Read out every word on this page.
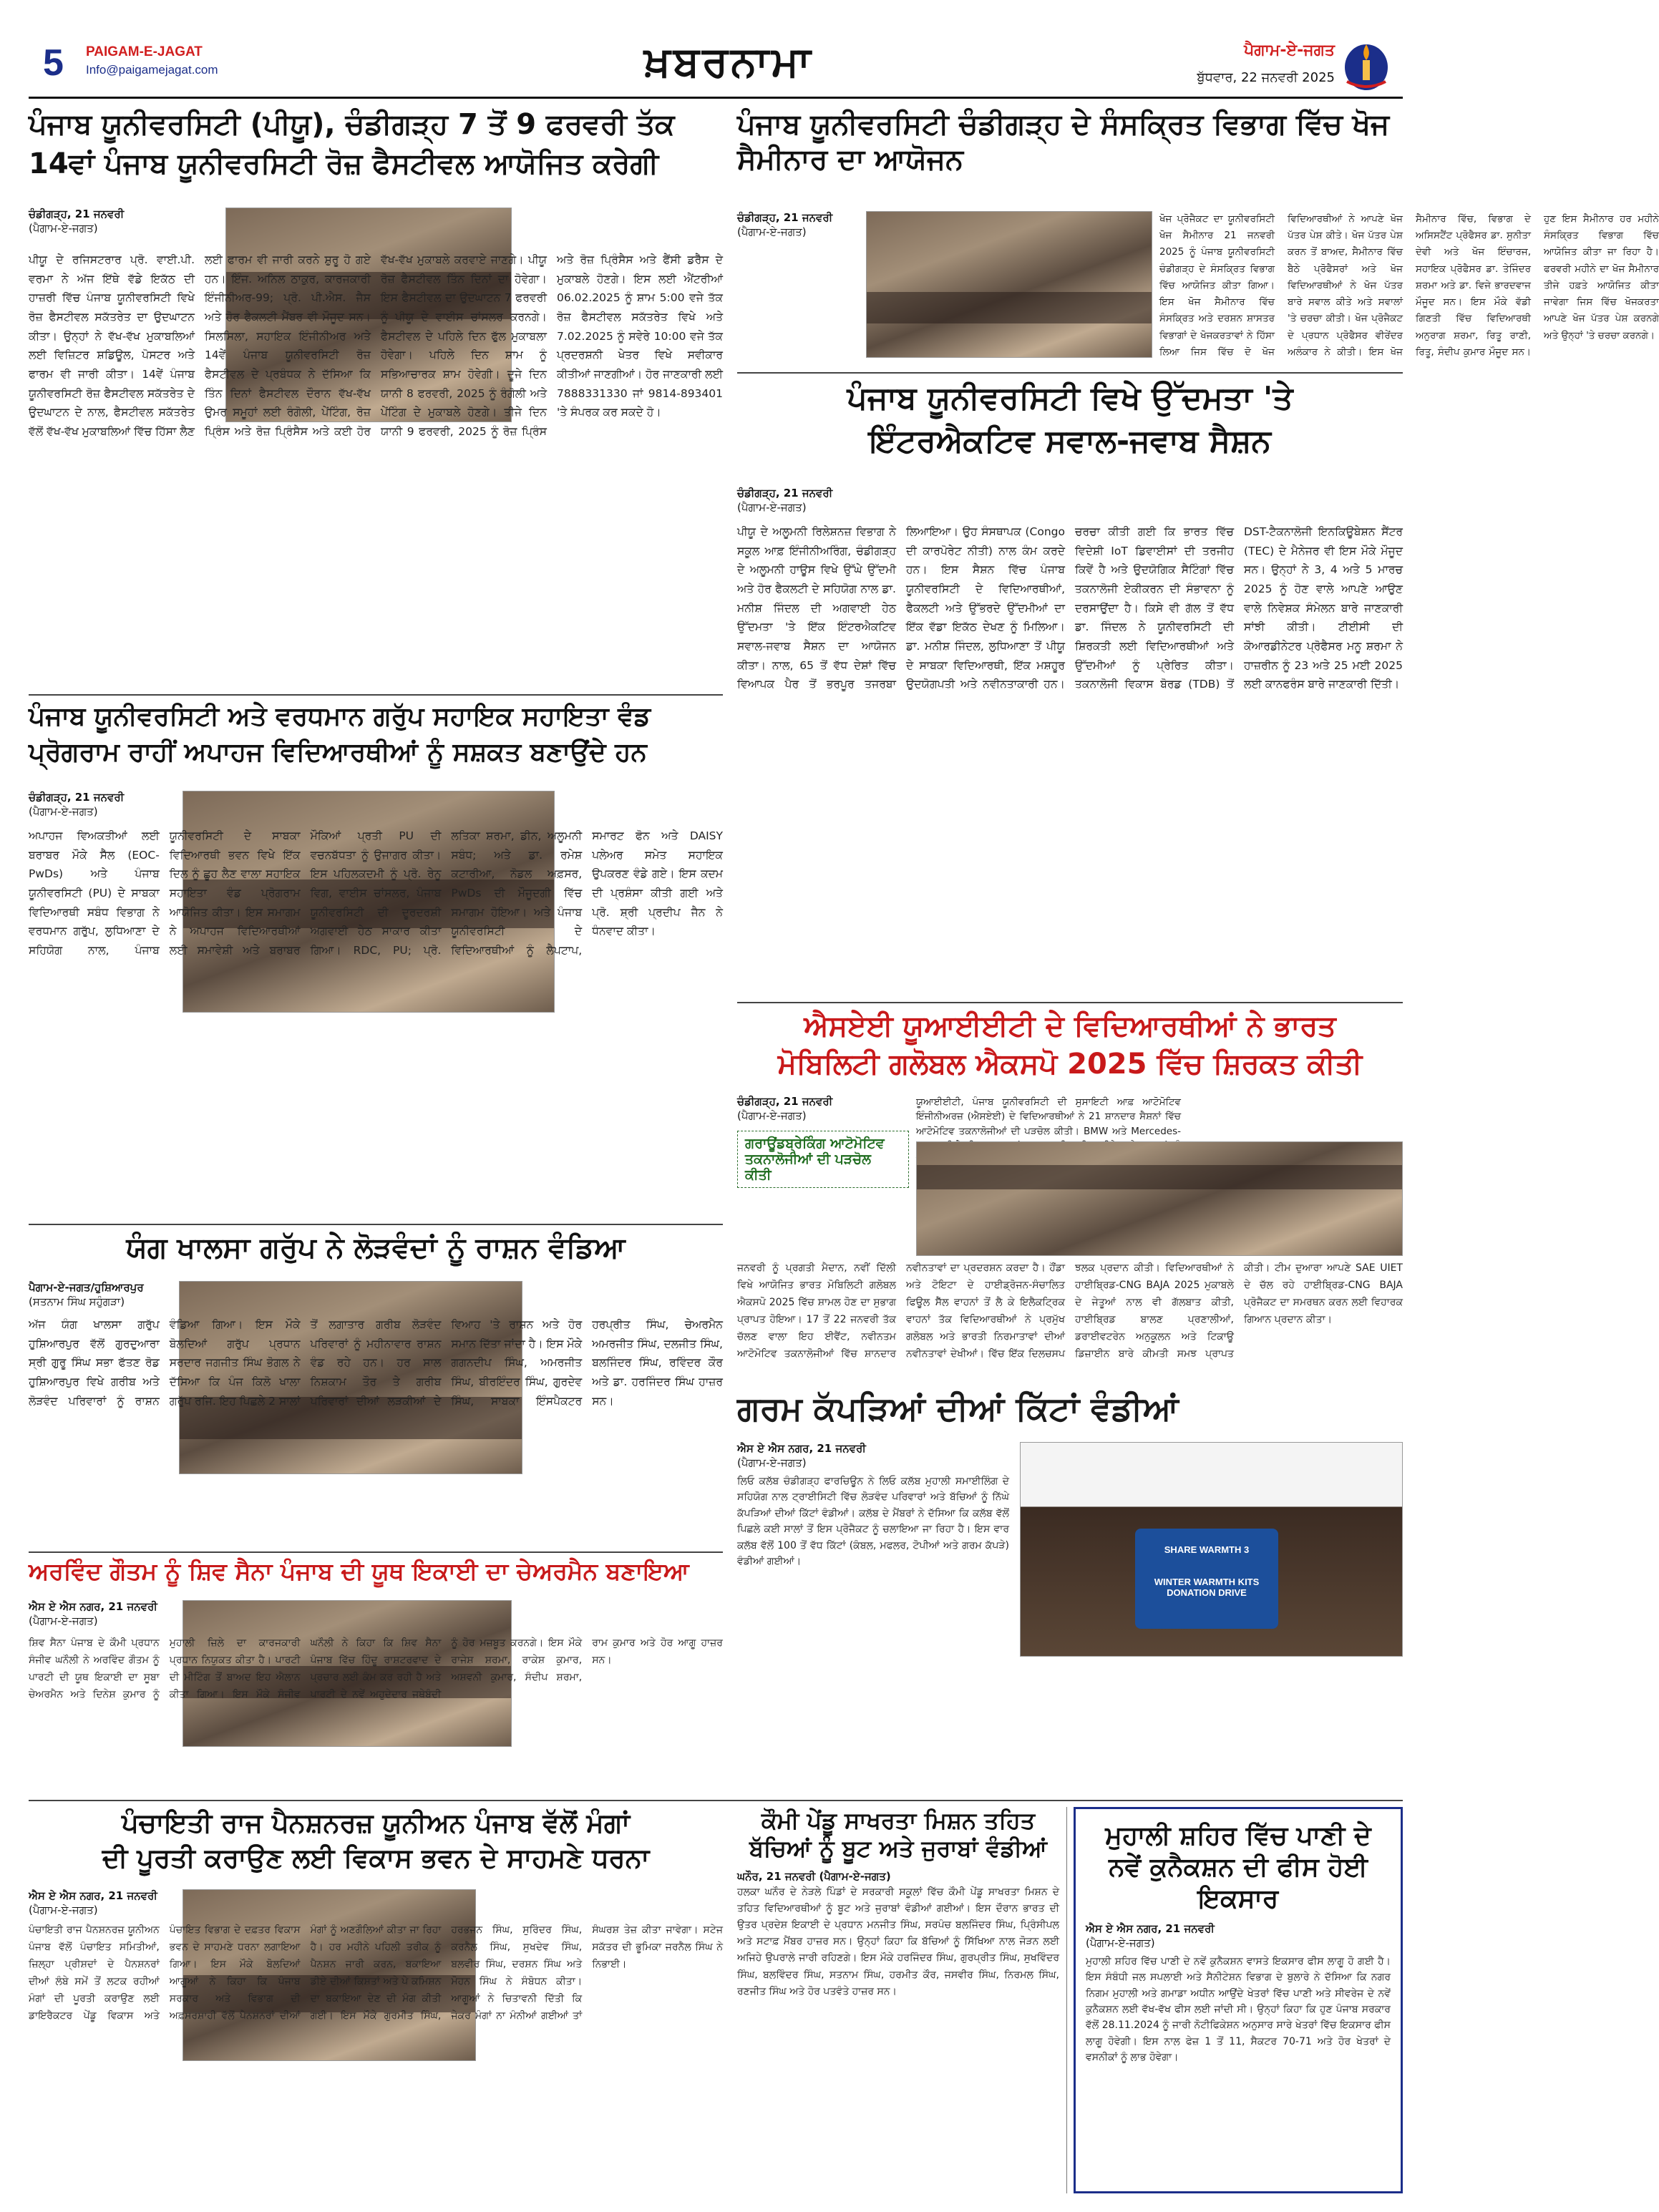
5 PAIGAM-E-JAGAT
Info@paigamejagat.com	ਖ਼ਬਰਨਾਮਾ	ਪੈਗਾਮ-ਏ-ਜਗਤ
ਬੁੱਧਵਾਰ, 22 ਜਨਵਰੀ 2025
ਪੰਜਾਬ ਯੂਨੀਵਰਸਿਟੀ (ਪੀਯੂ), ਚੰਡੀਗੜ੍ਹ 7 ਤੋਂ 9 ਫਰਵਰੀ ਤੱਕ
14ਵਾਂ ਪੰਜਾਬ ਯੂਨੀਵਰਸਿਟੀ ਰੋਜ਼ ਫੈਸਟੀਵਲ ਆਯੋਜਿਤ ਕਰੇਗੀ
ਚੰਡੀਗੜ੍ਹ, 21 ਜਨਵਰੀ
(ਪੈਗਾਮ-ਏ-ਜਗਤ)
ਪੀਯੂ ਦੇ ਰਜਿਸਟਰਾਰ ਪ੍ਰੋ. ਵਾਈ.ਪੀ. ਵਰਮਾ ਨੇ ਅੱਜ ਇੱਥੇ ਵੱਡੇ ਇਕੱਠ ਦੀ ਹਾਜ਼ਰੀ ਵਿੱਚ ਪੰਜਾਬ ਯੂਨੀਵਰਸਿਟੀ ਵਿਖੇ ਰੋਜ਼ ਫੈਸਟੀਵਲ ਸਕੱਤਰੇਤ ਦਾ ਉਦਘਾਟਨ ਕੀਤਾ। ਉਨ੍ਹਾਂ ਨੇ ਵੱਖ-ਵੱਖ ਮੁਕਾਬਲਿਆਂ ਲਈ ਵਿਜ਼ਿਟਰ ਸ਼ਡਿਊਲ, ਪੋਸਟਰ ਅਤੇ ਫਾਰਮ ਵੀ ਜਾਰੀ ਕੀਤਾ। 14ਵੇਂ ਪੰਜਾਬ ਯੂਨੀਵਰਸਿਟੀ ਰੋਜ਼ ਫੈਸਟੀਵਲ ਸਕੱਤਰੇਤ ਦੇ ਉਦਘਾਟਨ ਦੇ ਨਾਲ, ਫੈਸਟੀਵਲ ਸਕੱਤਰੇਤ ਵੱਲੋਂ ਵੱਖ-ਵੱਖ ਮੁਕਾਬਲਿਆਂ ਵਿੱਚ ਹਿੱਸਾ ਲੈਣ ਲਈ ਫਾਰਮ ਵੀ ਜਾਰੀ ਕਰਨੇ ਸ਼ੁਰੂ ਹੋ ਗਏ ਹਨ। ਇੰਜ. ਅਨਿਲ ਠਾਕੁਰ, ਕਾਰਜਕਾਰੀ ਇੰਜੀਨੀਅਰ-99; ਪ੍ਰੋ. ਪੀ.ਐਸ. ਜੈਸ ਅਤੇ ਹੋਰ ਫੈਕਲਟੀ ਮੈਂਬਰ ਵੀ ਮੌਜੂਦ ਸਨ। ਸਿਲਸਿਲਾ, ਸਹਾਇਕ ਇੰਜੀਨੀਅਰ ਅਤੇ 14ਵੇਂ ਪੰਜਾਬ ਯੂਨੀਵਰਸਿਟੀ ਰੋਜ਼ ਫੈਸਟੀਵਲ ਦੇ ਪ੍ਰਬੰਧਕ ਨੇ ਦੱਸਿਆ ਕਿ ਤਿੰਨ ਦਿਨਾਂ ਫੈਸਟੀਵਲ ਦੌਰਾਨ ਵੱਖ-ਵੱਖ ਉਮਰ ਸਮੂਹਾਂ ਲਈ ਰੰਗੋਲੀ, ਪੇਂਟਿੰਗ, ਰੋਜ਼ ਪ੍ਰਿੰਸ ਅਤੇ ਰੋਜ਼ ਪ੍ਰਿੰਸੈਸ ਅਤੇ ਕਈ ਹੋਰ ਵੱਖ-ਵੱਖ ਮੁਕਾਬਲੇ ਕਰਵਾਏ ਜਾਣਗੇ। ਪੀਯੂ ਰੋਜ਼ ਫੈਸਟੀਵਲ ਤਿੰਨ ਦਿਨਾਂ ਦਾ ਹੋਵੇਗਾ। ਇਸ ਫੈਸਟੀਵਲ ਦਾ ਉਦਘਾਟਨ 7 ਫਰਵਰੀ ਨੂੰ ਪੀਯੂ ਦੇ ਵਾਈਸ ਚਾਂਸਲਰ ਕਰਨਗੇ। ਫੈਸਟੀਵਲ ਦੇ ਪਹਿਲੇ ਦਿਨ ਫੁੱਲ ਮੁਕਾਬਲਾ ਹੋਵੇਗਾ। ਪਹਿਲੇ ਦਿਨ ਸ਼ਾਮ ਨੂੰ ਸਭਿਆਚਾਰਕ ਸ਼ਾਮ ਹੋਵੇਗੀ। ਦੂਜੇ ਦਿਨ ਯਾਨੀ 8 ਫਰਵਰੀ, 2025 ਨੂੰ ਰੰਗੋਲੀ ਅਤੇ ਪੇਂਟਿੰਗ ਦੇ ਮੁਕਾਬਲੇ ਹੋਣਗੇ। ਤੀਜੇ ਦਿਨ ਯਾਨੀ 9 ਫਰਵਰੀ, 2025 ਨੂੰ ਰੋਜ਼ ਪ੍ਰਿੰਸ ਅਤੇ ਰੋਜ਼ ਪ੍ਰਿੰਸੈਸ ਅਤੇ ਫੈਂਸੀ ਡਰੈੱਸ ਦੇ ਮੁਕਾਬਲੇ ਹੋਣਗੇ। ਇਸ ਲਈ ਐਂਟਰੀਆਂ 06.02.2025 ਨੂੰ ਸ਼ਾਮ 5:00 ਵਜੇ ਤੱਕ ਰੋਜ਼ ਫੈਸਟੀਵਲ ਸਕੱਤਰੇਤ ਵਿਖੇ ਅਤੇ 7.02.2025 ਨੂੰ ਸਵੇਰੇ 10:00 ਵਜੇ ਤੱਕ ਪ੍ਰਦਰਸ਼ਨੀ ਖੇਤਰ ਵਿਖੇ ਸਵੀਕਾਰ ਕੀਤੀਆਂ ਜਾਣਗੀਆਂ। ਹੋਰ ਜਾਣਕਾਰੀ ਲਈ 7888331330 ਜਾਂ 9814-893401 'ਤੇ ਸੰਪਰਕ ਕਰ ਸਕਦੇ ਹੋ।
ਪੰਜਾਬ ਯੂਨੀਵਰਸਿਟੀ ਚੰਡੀਗੜ੍ਹ ਦੇ ਸੰਸਕ੍ਰਿਤ ਵਿਭਾਗ ਵਿੱਚ ਖੋਜ ਸੈਮੀਨਾਰ ਦਾ ਆਯੋਜਨ
ਚੰਡੀਗੜ੍ਹ, 21 ਜਨਵਰੀ
(ਪੈਗਾਮ-ਏ-ਜਗਤ)
ਖੋਜ ਪ੍ਰੋਜੈਕਟ ਦਾ ਯੂਨੀਵਰਸਿਟੀ ਖੋਜ ਸੈਮੀਨਾਰ 21 ਜਨਵਰੀ 2025 ਨੂੰ ਪੰਜਾਬ ਯੂਨੀਵਰਸਿਟੀ ਚੰਡੀਗੜ੍ਹ ਦੇ ਸੰਸਕ੍ਰਿਤ ਵਿਭਾਗ ਵਿੱਚ ਆਯੋਜਿਤ ਕੀਤਾ ਗਿਆ। ਇਸ ਖੋਜ ਸੈਮੀਨਾਰ ਵਿੱਚ ਸੰਸਕ੍ਰਿਤ ਅਤੇ ਦਰਸ਼ਨ ਸ਼ਾਸਤਰ ਵਿਭਾਗਾਂ ਦੇ ਖੋਜਕਰਤਾਵਾਂ ਨੇ ਹਿੱਸਾ ਲਿਆ ਜਿਸ ਵਿੱਚ ਦੋ ਖੋਜ ਵਿਦਿਆਰਥੀਆਂ ਨੇ ਆਪਣੇ ਖੋਜ ਪੱਤਰ ਪੇਸ਼ ਕੀਤੇ। ਖੋਜ ਪੱਤਰ ਪੇਸ਼ ਕਰਨ ਤੋਂ ਬਾਅਦ, ਸੈਮੀਨਾਰ ਵਿੱਚ ਬੈਠੇ ਪ੍ਰੋਫੈਸਰਾਂ ਅਤੇ ਖੋਜ ਵਿਦਿਆਰਥੀਆਂ ਨੇ ਖੋਜ ਪੱਤਰ ਬਾਰੇ ਸਵਾਲ ਕੀਤੇ ਅਤੇ ਸਵਾਲਾਂ 'ਤੇ ਚਰਚਾ ਕੀਤੀ। ਖੋਜ ਪ੍ਰੋਜੈਕਟ ਦੇ ਪ੍ਰਧਾਨ ਪ੍ਰੋਫੈਸਰ ਵੀਰੇਂਦਰ ਅਲੰਕਾਰ ਨੇ ਕੀਤੀ। ਇਸ ਖੋਜ ਸੈਮੀਨਾਰ ਵਿੱਚ, ਵਿਭਾਗ ਦੇ ਅਸਿਸਟੈਂਟ ਪ੍ਰੋਫੈਸਰ ਡਾ. ਸੁਨੀਤਾ ਦੇਵੀ ਅਤੇ ਖੋਜ ਇੰਚਾਰਜ, ਸਹਾਇਕ ਪ੍ਰੋਫੈਸਰ ਡਾ. ਤੇਜਿੰਦਰ ਸ਼ਰਮਾ ਅਤੇ ਡਾ. ਵਿਜੇ ਭਾਰਦਵਾਜ ਮੌਜੂਦ ਸਨ। ਇਸ ਮੌਕੇ ਵੱਡੀ ਗਿਣਤੀ ਵਿੱਚ ਵਿਦਿਆਰਥੀ ਅਨੁਰਾਗ ਸ਼ਰਮਾ, ਰਿਤੂ ਰਾਣੀ, ਰਿਤੂ, ਸੰਦੀਪ ਕੁਮਾਰ ਮੌਜੂਦ ਸਨ। ਹੁਣ ਇਸ ਸੈਮੀਨਾਰ ਹਰ ਮਹੀਨੇ ਸੰਸਕ੍ਰਿਤ ਵਿਭਾਗ ਵਿੱਚ ਆਯੋਜਿਤ ਕੀਤਾ ਜਾ ਰਿਹਾ ਹੈ। ਫਰਵਰੀ ਮਹੀਨੇ ਦਾ ਖੋਜ ਸੈਮੀਨਾਰ ਤੀਜੇ ਹਫ਼ਤੇ ਆਯੋਜਿਤ ਕੀਤਾ ਜਾਵੇਗਾ ਜਿਸ ਵਿੱਚ ਖੋਜਕਰਤਾ ਆਪਣੇ ਖੋਜ ਪੱਤਰ ਪੇਸ਼ ਕਰਨਗੇ ਅਤੇ ਉਨ੍ਹਾਂ 'ਤੇ ਚਰਚਾ ਕਰਨਗੇ।
ਪੰਜਾਬ ਯੂਨੀਵਰਸਿਟੀ ਵਿਖੇ ਉੱਦਮਤਾ 'ਤੇ
ਇੰਟਰਐਕਟਿਵ ਸਵਾਲ-ਜਵਾਬ ਸੈਸ਼ਨ
ਚੰਡੀਗੜ੍ਹ, 21 ਜਨਵਰੀ
(ਪੈਗਾਮ-ਏ-ਜਗਤ)
ਪੀਯੂ ਦੇ ਅਲੂਮਨੀ ਰਿਲੇਸ਼ਨਜ਼ ਵਿਭਾਗ ਨੇ ਸਕੂਲ ਆਫ਼ ਇੰਜੀਨੀਅਰਿੰਗ, ਚੰਡੀਗੜ੍ਹ ਦੇ ਅਲੂਮਨੀ ਹਾਊਸ ਵਿਖੇ ਉੱਘੇ ਉੱਦਮੀ ਅਤੇ ਹੋਰ ਫੈਕਲਟੀ ਦੇ ਸਹਿਯੋਗ ਨਾਲ ਡਾ. ਮਨੀਸ਼ ਜਿੰਦਲ ਦੀ ਅਗਵਾਈ ਹੇਠ ਉੱਦਮਤਾ 'ਤੇ ਇੱਕ ਇੰਟਰਐਕਟਿਵ ਸਵਾਲ-ਜਵਾਬ ਸੈਸ਼ਨ ਦਾ ਆਯੋਜਨ ਕੀਤਾ। ਨਾਲ, 65 ਤੋਂ ਵੱਧ ਦੇਸ਼ਾਂ ਵਿੱਚ ਵਿਆਪਕ ਪੈਰ ਤੋਂ ਭਰਪੂਰ ਤਜਰਬਾ ਲਿਆਇਆ। ਉਹ ਸੰਸਥਾਪਕ (Congo ਦੀ ਕਾਰਪੋਰੇਟ ਨੀਤੀ) ਨਾਲ ਕੰਮ ਕਰਦੇ ਹਨ। ਇਸ ਸੈਸ਼ਨ ਵਿੱਚ ਪੰਜਾਬ ਯੂਨੀਵਰਸਿਟੀ ਦੇ ਵਿਦਿਆਰਥੀਆਂ, ਫੈਕਲਟੀ ਅਤੇ ਉੱਭਰਦੇ ਉੱਦਮੀਆਂ ਦਾ ਇੱਕ ਵੱਡਾ ਇਕੱਠ ਦੇਖਣ ਨੂੰ ਮਿਲਿਆ। ਡਾ. ਮਨੀਸ਼ ਜਿੰਦਲ, ਲੁਧਿਆਣਾ ਤੋਂ ਪੀਯੂ ਦੇ ਸਾਬਕਾ ਵਿਦਿਆਰਥੀ, ਇੱਕ ਮਸ਼ਹੂਰ ਉਦਯੋਗਪਤੀ ਅਤੇ ਨਵੀਨਤਾਕਾਰੀ ਹਨ। ਚਰਚਾ ਕੀਤੀ ਗਈ ਕਿ ਭਾਰਤ ਵਿੱਚ ਵਿਦੇਸ਼ੀ IoT ਡਿਵਾਈਸਾਂ ਦੀ ਤਰਜੀਹ ਕਿਵੇਂ ਹੈ ਅਤੇ ਉਦਯੋਗਿਕ ਸੈਟਿੰਗਾਂ ਵਿੱਚ ਤਕਨਾਲੋਜੀ ਏਕੀਕਰਨ ਦੀ ਸੰਭਾਵਨਾ ਨੂੰ ਦਰਸਾਉਂਦਾ ਹੈ। ਕਿਸੇ ਵੀ ਗੱਲ ਤੋਂ ਵੱਧ ਡਾ. ਜਿੰਦਲ ਨੇ ਯੂਨੀਵਰਸਿਟੀ ਦੀ ਸ਼ਿਰਕਤੀ ਲਈ ਵਿਦਿਆਰਥੀਆਂ ਅਤੇ ਉੱਦਮੀਆਂ ਨੂੰ ਪ੍ਰੇਰਿਤ ਕੀਤਾ। ਤਕਨਾਲੋਜੀ ਵਿਕਾਸ ਬੋਰਡ (TDB) ਤੋਂ DST-ਟੈਕਨਾਲੋਜੀ ਇਨਕਿਊਬੇਸ਼ਨ ਸੈਂਟਰ (TEC) ਦੇ ਮੈਨੇਜਰ ਵੀ ਇਸ ਮੌਕੇ ਮੌਜੂਦ ਸਨ। ਉਨ੍ਹਾਂ ਨੇ 3, 4 ਅਤੇ 5 ਮਾਰਚ 2025 ਨੂੰ ਹੋਣ ਵਾਲੇ ਆਪਣੇ ਆਉਣ ਵਾਲੇ ਨਿਵੇਸ਼ਕ ਸੰਮੇਲਨ ਬਾਰੇ ਜਾਣਕਾਰੀ ਸਾਂਝੀ ਕੀਤੀ। ਟੀਈਸੀ ਦੀ ਕੋਆਰਡੀਨੇਟਰ ਪ੍ਰੋਫੈਸਰ ਮਨੂ ਸ਼ਰਮਾ ਨੇ ਹਾਜ਼ਰੀਨ ਨੂੰ 23 ਅਤੇ 25 ਮਈ 2025 ਲਈ ਕਾਨਫਰੰਸ ਬਾਰੇ ਜਾਣਕਾਰੀ ਦਿੱਤੀ।
ਪੰਜਾਬ ਯੂਨੀਵਰਸਿਟੀ ਅਤੇ ਵਰਧਮਾਨ ਗਰੁੱਪ ਸਹਾਇਕ ਸਹਾਇਤਾ ਵੰਡ
ਪ੍ਰੋਗਰਾਮ ਰਾਹੀਂ ਅਪਾਹਜ ਵਿਦਿਆਰਥੀਆਂ ਨੂੰ ਸਸ਼ਕਤ ਬਣਾਉਂਦੇ ਹਨ
ਚੰਡੀਗੜ੍ਹ, 21 ਜਨਵਰੀ
(ਪੈਗਾਮ-ਏ-ਜਗਤ)
ਅਪਾਹਜ ਵਿਅਕਤੀਆਂ ਲਈ ਬਰਾਬਰ ਮੌਕੇ ਸੈੱਲ (EOC-PwDs) ਅਤੇ ਪੰਜਾਬ ਯੂਨੀਵਰਸਿਟੀ (PU) ਦੇ ਸਾਬਕਾ ਵਿਦਿਆਰਥੀ ਸਬੰਧ ਵਿਭਾਗ ਨੇ ਵਰਧਮਾਨ ਗਰੁੱਪ, ਲੁਧਿਆਣਾ ਦੇ ਸਹਿਯੋਗ ਨਾਲ, ਪੰਜਾਬ ਯੂਨੀਵਰਸਿਟੀ ਦੇ ਸਾਬਕਾ ਵਿਦਿਆਰਥੀ ਭਵਨ ਵਿਖੇ ਇੱਕ ਦਿਲ ਨੂੰ ਛੂਹ ਲੈਣ ਵਾਲਾ ਸਹਾਇਕ ਸਹਾਇਤਾ ਵੰਡ ਪ੍ਰੋਗਰਾਮ ਆਯੋਜਿਤ ਕੀਤਾ। ਇਸ ਸਮਾਗਮ ਨੇ ਅਪਾਹਜ ਵਿਦਿਆਰਥੀਆਂ ਲਈ ਸਮਾਵੇਸ਼ੀ ਅਤੇ ਬਰਾਬਰ ਮੌਕਿਆਂ ਪ੍ਰਤੀ PU ਦੀ ਵਚਨਬੱਧਤਾ ਨੂੰ ਉਜਾਗਰ ਕੀਤਾ। ਇਸ ਪਹਿਲਕਦਮੀ ਨੂੰ ਪ੍ਰੋ. ਰੇਨੂ ਵਿਗ, ਵਾਈਸ ਚਾਂਸਲਰ, ਪੰਜਾਬ ਯੂਨੀਵਰਸਿਟੀ ਦੀ ਦੂਰਦਰਸ਼ੀ ਅਗਵਾਈ ਹੇਠ ਸਾਕਾਰ ਕੀਤਾ ਗਿਆ। RDC, PU; ਪ੍ਰੋ. ਲਤਿਕਾ ਸ਼ਰਮਾ, ਡੀਨ, ਅਲੂਮਨੀ ਸਬੰਧ; ਅਤੇ ਡਾ. ਰਮੇਸ਼ ਕਟਾਰੀਆ, ਨੋਡਲ ਅਫ਼ਸਰ, PwDs ਦੀ ਮੌਜੂਦਗੀ ਵਿੱਚ ਸਮਾਗਮ ਹੋਇਆ। ਅਤੇ ਪੰਜਾਬ ਯੂਨੀਵਰਸਿਟੀ ਦੇ ਵਿਦਿਆਰਥੀਆਂ ਨੂੰ ਲੈਪਟਾਪ, ਸਮਾਰਟ ਫੋਨ ਅਤੇ DAISY ਪਲੇਅਰ ਸਮੇਤ ਸਹਾਇਕ ਉਪਕਰਣ ਵੰਡੇ ਗਏ। ਇਸ ਕਦਮ ਦੀ ਪ੍ਰਸ਼ੰਸਾ ਕੀਤੀ ਗਈ ਅਤੇ ਪ੍ਰੋ. ਸ਼੍ਰੀ ਪ੍ਰਦੀਪ ਜੈਨ ਨੇ ਧੰਨਵਾਦ ਕੀਤਾ।
ਐਸਏਈ ਯੂਆਈਈਟੀ ਦੇ ਵਿਦਿਆਰਥੀਆਂ ਨੇ ਭਾਰਤ
ਮੋਬਿਲਿਟੀ ਗਲੋਬਲ ਐਕਸਪੋ 2025 ਵਿੱਚ ਸ਼ਿਰਕਤ ਕੀਤੀ
ਚੰਡੀਗੜ੍ਹ, 21 ਜਨਵਰੀ
(ਪੈਗਾਮ-ਏ-ਜਗਤ)
ਗਰਾਊਂਡਬ੍ਰੇਕਿੰਗ ਆਟੋਮੋਟਿਵ ਤਕਨਾਲੋਜੀਆਂ ਦੀ ਪੜਚੋਲ ਕੀਤੀ
ਯੂਆਈਈਟੀ, ਪੰਜਾਬ ਯੂਨੀਵਰਸਿਟੀ ਦੀ ਸੁਸਾਇਟੀ ਆਫ਼ ਆਟੋਮੋਟਿਵ ਇੰਜੀਨੀਅਰਜ਼ (ਐਸਏਈ) ਦੇ ਵਿਦਿਆਰਥੀਆਂ ਨੇ 21 ਸ਼ਾਨਦਾਰ ਸੈਸ਼ਨਾਂ ਵਿੱਚ ਆਟੋਮੋਟਿਵ ਤਕਨਾਲੋਜੀਆਂ ਦੀ ਪੜਚੋਲ ਕੀਤੀ। BMW ਅਤੇ Mercedes-
ਜਨਵਰੀ ਨੂੰ ਪ੍ਰਗਤੀ ਮੈਦਾਨ, ਨਵੀਂ ਦਿੱਲੀ ਵਿਖੇ ਆਯੋਜਿਤ ਭਾਰਤ ਮੋਬਿਲਿਟੀ ਗਲੋਬਲ ਐਕਸਪੋ 2025 ਵਿੱਚ ਸ਼ਾਮਲ ਹੋਣ ਦਾ ਸੁਭਾਗ ਪ੍ਰਾਪਤ ਹੋਇਆ। 17 ਤੋਂ 22 ਜਨਵਰੀ ਤੱਕ ਚੱਲਣ ਵਾਲਾ ਇਹ ਈਵੈਂਟ, ਨਵੀਨਤਮ ਆਟੋਮੋਟਿਵ ਤਕਨਾਲੋਜੀਆਂ ਵਿੱਚ ਸ਼ਾਨਦਾਰ ਨਵੀਨਤਾਵਾਂ ਦਾ ਪ੍ਰਦਰਸ਼ਨ ਕਰਦਾ ਹੈ। ਹੌਂਡਾ ਅਤੇ ਟੋਇਟਾ ਦੇ ਹਾਈਡ੍ਰੋਜਨ-ਸੰਚਾਲਿਤ ਫਿਊਲ ਸੈੱਲ ਵਾਹਨਾਂ ਤੋਂ ਲੈ ਕੇ ਇਲੈਕਟ੍ਰਿਕ ਵਾਹਨਾਂ ਤੱਕ ਵਿਦਿਆਰਥੀਆਂ ਨੇ ਪ੍ਰਮੁੱਖ ਗਲੋਬਲ ਅਤੇ ਭਾਰਤੀ ਨਿਰਮਾਤਾਵਾਂ ਦੀਆਂ ਨਵੀਨਤਾਵਾਂ ਦੇਖੀਆਂ। ਵਿੱਚ ਇੱਕ ਦਿਲਚਸਪ ਝਲਕ ਪ੍ਰਦਾਨ ਕੀਤੀ। ਵਿਦਿਆਰਥੀਆਂ ਨੇ ਹਾਈਬ੍ਰਿਡ-CNG BAJA 2025 ਮੁਕਾਬਲੇ ਦੇ ਜੇਤੂਆਂ ਨਾਲ ਵੀ ਗੱਲਬਾਤ ਕੀਤੀ, ਹਾਈਬ੍ਰਿਡ ਬਾਲਣ ਪ੍ਰਣਾਲੀਆਂ, ਡਰਾਈਵਟਰੇਨ ਅਨੁਕੂਲਨ ਅਤੇ ਟਿਕਾਊ ਡਿਜ਼ਾਈਨ ਬਾਰੇ ਕੀਮਤੀ ਸਮਝ ਪ੍ਰਾਪਤ ਕੀਤੀ। ਟੀਮ ਦੁਆਰਾ ਆਪਣੇ SAE UIET ਦੇ ਚੱਲ ਰਹੇ ਹਾਈਬ੍ਰਿਡ-CNG BAJA ਪ੍ਰੋਜੈਕਟ ਦਾ ਸਮਰਥਨ ਕਰਨ ਲਈ ਵਿਹਾਰਕ ਗਿਆਨ ਪ੍ਰਦਾਨ ਕੀਤਾ।
ਯੰਗ ਖਾਲਸਾ ਗਰੁੱਪ ਨੇ ਲੋੜਵੰਦਾਂ ਨੂੰ ਰਾਸ਼ਨ ਵੰਡਿਆ
ਪੈਗਾਮ-ਏ-ਜਗਤ/ਹੁਸ਼ਿਆਰਪੁਰ
(ਸਤਨਾਮ ਸਿੰਘ ਸਹੁੰਗੜਾ)
ਅੱਜ ਯੰਗ ਖਾਲਸਾ ਗਰੁੱਪ ਹੁਸ਼ਿਆਰਪੁਰ ਵੱਲੋਂ ਗੁਰਦੁਆਰਾ ਸ੍ਰੀ ਗੁਰੂ ਸਿੰਘ ਸਭਾ ਫੱਤਣ ਰੋਡ ਹੁਸ਼ਿਆਰਪੁਰ ਵਿਖੇ ਗਰੀਬ ਅਤੇ ਲੋੜਵੰਦ ਪਰਿਵਾਰਾਂ ਨੂੰ ਰਾਸ਼ਨ ਵੰਡਿਆ ਗਿਆ। ਇਸ ਮੌਕੇ ਬੋਲਦਿਆਂ ਗਰੁੱਪ ਪ੍ਰਧਾਨ ਸਰਦਾਰ ਜਗਜੀਤ ਸਿੰਘ ਭੋਗਲ ਨੇ ਦੱਸਿਆ ਕਿ ਪੰਜ ਕਿਲੋ ਖਾਲਾ ਗਰੁੱਪ ਰਜਿ. ਇਹ ਪਿਛਲੇ 2 ਸਾਲਾਂ ਤੋਂ ਲਗਾਤਾਰ ਗਰੀਬ ਲੋੜਵੰਦ ਪਰਿਵਾਰਾਂ ਨੂੰ ਮਹੀਨਾਵਾਰ ਰਾਸ਼ਨ ਵੰਡ ਰਹੇ ਹਨ। ਹਰ ਸਾਲ ਨਿਸ਼ਕਾਮ ਤੌਰ ਤੇ ਗਰੀਬ ਪਰਿਵਾਰਾਂ ਦੀਆਂ ਲੜਕੀਆਂ ਦੇ ਵਿਆਹ 'ਤੇ ਰਾਸ਼ਨ ਅਤੇ ਹੋਰ ਸਮਾਨ ਦਿੱਤਾ ਜਾਂਦਾ ਹੈ। ਇਸ ਮੌਕੇ ਗਗਨਦੀਪ ਸਿੰਘ, ਅਮਰਜੀਤ ਸਿੰਘ, ਬੀਰਇੰਦਰ ਸਿੰਘ, ਗੁਰਦੇਵ ਸਿੰਘ, ਸਾਬਕਾ ਇੰਸਪੈਕਟਰ ਹਰਪ੍ਰੀਤ ਸਿੰਘ, ਚੇਅਰਮੈਨ ਅਮਰਜੀਤ ਸਿੰਘ, ਦਲਜੀਤ ਸਿੰਘ, ਬਲਜਿੰਦਰ ਸਿੰਘ, ਰਵਿੰਦਰ ਕੌਰ ਅਤੇ ਡਾ. ਹਰਜਿੰਦਰ ਸਿੰਘ ਹਾਜ਼ਰ ਸਨ।
ਅਰਵਿੰਦ ਗੌਤਮ ਨੂੰ ਸ਼ਿਵ ਸੈਨਾ ਪੰਜਾਬ ਦੀ ਯੂਥ ਇਕਾਈ ਦਾ ਚੇਅਰਮੈਨ ਬਣਾਇਆ
ਐਸ ਏ ਐਸ ਨਗਰ, 21 ਜਨਵਰੀ
(ਪੈਗਾਮ-ਏ-ਜਗਤ)
ਸ਼ਿਵ ਸੈਨਾ ਪੰਜਾਬ ਦੇ ਕੌਮੀ ਪ੍ਰਧਾਨ ਸੰਜੀਵ ਘਨੌਲੀ ਨੇ ਅਰਵਿੰਦ ਗੌਤਮ ਨੂੰ ਪਾਰਟੀ ਦੀ ਯੂਥ ਇਕਾਈ ਦਾ ਸੂਬਾ ਚੇਅਰਮੈਨ ਅਤੇ ਦਿਨੇਸ਼ ਕੁਮਾਰ ਨੂੰ ਮੁਹਾਲੀ ਜ਼ਿਲੇ ਦਾ ਕਾਰਜਕਾਰੀ ਪ੍ਰਧਾਨ ਨਿਯੁਕਤ ਕੀਤਾ ਹੈ। ਪਾਰਟੀ ਦੀ ਮੀਟਿੰਗ ਤੋਂ ਬਾਅਦ ਇਹ ਐਲਾਨ ਕੀਤਾ ਗਿਆ। ਇਸ ਮੌਕੇ ਸੰਜੀਵ ਘਨੌਲੀ ਨੇ ਕਿਹਾ ਕਿ ਸ਼ਿਵ ਸੈਨਾ ਪੰਜਾਬ ਵਿੱਚ ਹਿੰਦੂ ਰਾਸ਼ਟਰਵਾਦ ਦੇ ਪ੍ਰਚਾਰ ਲਈ ਕੰਮ ਕਰ ਰਹੀ ਹੈ ਅਤੇ ਪਾਰਟੀ ਦੇ ਨਵੇਂ ਅਹੁਦੇਦਾਰ ਜਥੇਬੰਦੀ ਨੂੰ ਹੋਰ ਮਜ਼ਬੂਤ ਕਰਨਗੇ। ਇਸ ਮੌਕੇ ਰਾਜੇਸ਼ ਸ਼ਰਮਾ, ਰਾਕੇਸ਼ ਕੁਮਾਰ, ਅਸ਼ਵਨੀ ਕੁਮਾਰ, ਸੰਦੀਪ ਸ਼ਰਮਾ, ਰਾਮ ਕੁਮਾਰ ਅਤੇ ਹੋਰ ਆਗੂ ਹਾਜ਼ਰ ਸਨ।
ਗਰਮ ਕੱਪੜਿਆਂ ਦੀਆਂ ਕਿੱਟਾਂ ਵੰਡੀਆਂ
ਐਸ ਏ ਐਸ ਨਗਰ, 21 ਜਨਵਰੀ
(ਪੈਗਾਮ-ਏ-ਜਗਤ)
ਲਿਓ ਕਲੱਬ ਚੰਡੀਗੜ੍ਹ ਫਾਰਚਿਊਨ ਨੇ ਲਿਓ ਕਲੱਬ ਮੁਹਾਲੀ ਸਮਾਈਲਿੰਗ ਦੇ ਸਹਿਯੋਗ ਨਾਲ ਟ੍ਰਾਈਸਿਟੀ ਵਿੱਚ ਲੋੜਵੰਦ ਪਰਿਵਾਰਾਂ ਅਤੇ ਬੱਚਿਆਂ ਨੂੰ ਨਿੱਘੇ ਕੱਪੜਿਆਂ ਦੀਆਂ ਕਿੱਟਾਂ ਵੰਡੀਆਂ। ਕਲੱਬ ਦੇ ਮੈਂਬਰਾਂ ਨੇ ਦੱਸਿਆ ਕਿ ਕਲੱਬ ਵੱਲੋਂ ਪਿਛਲੇ ਕਈ ਸਾਲਾਂ ਤੋਂ ਇਸ ਪ੍ਰੋਜੈਕਟ ਨੂੰ ਚਲਾਇਆ ਜਾ ਰਿਹਾ ਹੈ। ਇਸ ਵਾਰ ਕਲੱਬ ਵੱਲੋਂ 100 ਤੋਂ ਵੱਧ ਕਿੱਟਾਂ (ਕੰਬਲ, ਮਫਲਰ, ਟੋਪੀਆਂ ਅਤੇ ਗਰਮ ਕੱਪੜੇ) ਵੰਡੀਆਂ ਗਈਆਂ।
SHARE WARMTH 3
WINTER WARMTH KITS DONATION DRIVE
ਪੰਚਾਇਤੀ ਰਾਜ ਪੈਨਸ਼ਨਰਜ਼ ਯੂਨੀਅਨ ਪੰਜਾਬ ਵੱਲੋਂ ਮੰਗਾਂ
ਦੀ ਪੂਰਤੀ ਕਰਾਉਣ ਲਈ ਵਿਕਾਸ ਭਵਨ ਦੇ ਸਾਹਮਣੇ ਧਰਨਾ
ਐਸ ਏ ਐਸ ਨਗਰ, 21 ਜਨਵਰੀ
(ਪੈਗਾਮ-ਏ-ਜਗਤ)
ਪੰਚਾਇਤੀ ਰਾਜ ਪੈਨਸ਼ਨਰਜ਼ ਯੂਨੀਅਨ ਪੰਜਾਬ ਵੱਲੋਂ ਪੰਚਾਇਤ ਸਮਿਤੀਆਂ, ਜ਼ਿਲ੍ਹਾ ਪ੍ਰੀਸ਼ਦਾਂ ਦੇ ਪੈਨਸ਼ਨਰਾਂ ਦੀਆਂ ਲੰਬੇ ਸਮੇਂ ਤੋਂ ਲਟਕ ਰਹੀਆਂ ਮੰਗਾਂ ਦੀ ਪੂਰਤੀ ਕਰਾਉਣ ਲਈ ਡਾਇਰੈਕਟਰ ਪੇਂਡੂ ਵਿਕਾਸ ਅਤੇ ਪੰਚਾਇਤ ਵਿਭਾਗ ਦੇ ਦਫ਼ਤਰ ਵਿਕਾਸ ਭਵਨ ਦੇ ਸਾਹਮਣੇ ਧਰਨਾ ਲਗਾਇਆ ਗਿਆ। ਇਸ ਮੌਕੇ ਬੋਲਦਿਆਂ ਆਗੂਆਂ ਨੇ ਕਿਹਾ ਕਿ ਪੰਜਾਬ ਸਰਕਾਰ ਅਤੇ ਵਿਭਾਗ ਦੀ ਅਫ਼ਸਰਸ਼ਾਹੀ ਵੱਲੋਂ ਪੈਨਸ਼ਨਰਾਂ ਦੀਆਂ ਮੰਗਾਂ ਨੂੰ ਅਣਗੌਲਿਆਂ ਕੀਤਾ ਜਾ ਰਿਹਾ ਹੈ। ਹਰ ਮਹੀਨੇ ਪਹਿਲੀ ਤਰੀਕ ਨੂੰ ਪੈਨਸ਼ਨ ਜਾਰੀ ਕਰਨ, ਬਕਾਇਆ ਡੀਏ ਦੀਆਂ ਕਿਸ਼ਤਾਂ ਅਤੇ ਪੇ ਕਮਿਸ਼ਨ ਦਾ ਬਕਾਇਆ ਦੇਣ ਦੀ ਮੰਗ ਕੀਤੀ ਗਈ। ਇਸ ਮੌਕੇ ਗੁਰਮੀਤ ਸਿੰਘ, ਹਰਭਜਨ ਸਿੰਘ, ਸੁਰਿੰਦਰ ਸਿੰਘ, ਕਰਨੈਲ ਸਿੰਘ, ਸੁਖਦੇਵ ਸਿੰਘ, ਬਲਵੀਰ ਸਿੰਘ, ਦਰਸ਼ਨ ਸਿੰਘ ਅਤੇ ਮੋਹਨ ਸਿੰਘ ਨੇ ਸੰਬੋਧਨ ਕੀਤਾ। ਆਗੂਆਂ ਨੇ ਚਿਤਾਵਨੀ ਦਿੱਤੀ ਕਿ ਜੇਕਰ ਮੰਗਾਂ ਨਾ ਮੰਨੀਆਂ ਗਈਆਂ ਤਾਂ ਸੰਘਰਸ਼ ਤੇਜ਼ ਕੀਤਾ ਜਾਵੇਗਾ। ਸਟੇਜ ਸਕੱਤਰ ਦੀ ਭੂਮਿਕਾ ਜਰਨੈਲ ਸਿੰਘ ਨੇ ਨਿਭਾਈ।
ਕੌਮੀ ਪੇਂਡੂ ਸਾਖਰਤਾ ਮਿਸ਼ਨ ਤਹਿਤ ਬੱਚਿਆਂ ਨੂੰ ਬੂਟ ਅਤੇ ਜੁਰਾਬਾਂ ਵੰਡੀਆਂ
ਘਨੌਰ, 21 ਜਨਵਰੀ (ਪੈਗਾਮ-ਏ-ਜਗਤ)
ਹਲਕਾ ਘਨੌਰ ਦੇ ਨੇੜਲੇ ਪਿੰਡਾਂ ਦੇ ਸਰਕਾਰੀ ਸਕੂਲਾਂ ਵਿੱਚ ਕੌਮੀ ਪੇਂਡੂ ਸਾਖਰਤਾ ਮਿਸ਼ਨ ਦੇ ਤਹਿਤ ਵਿਦਿਆਰਥੀਆਂ ਨੂੰ ਬੂਟ ਅਤੇ ਜੁਰਾਬਾਂ ਵੰਡੀਆਂ ਗਈਆਂ। ਇਸ ਦੌਰਾਨ ਭਾਰਤ ਦੀ ਉਤਰ ਪ੍ਰਦੇਸ਼ ਇਕਾਈ ਦੇ ਪ੍ਰਧਾਨ ਮਨਜੀਤ ਸਿੰਘ, ਸਰਪੰਚ ਬਲਜਿੰਦਰ ਸਿੰਘ, ਪ੍ਰਿੰਸੀਪਲ ਅਤੇ ਸਟਾਫ਼ ਮੈਂਬਰ ਹਾਜ਼ਰ ਸਨ। ਉਨ੍ਹਾਂ ਕਿਹਾ ਕਿ ਬੱਚਿਆਂ ਨੂੰ ਸਿੱਖਿਆ ਨਾਲ ਜੋੜਨ ਲਈ ਅਜਿਹੇ ਉਪਰਾਲੇ ਜਾਰੀ ਰਹਿਣਗੇ। ਇਸ ਮੌਕੇ ਹਰਜਿੰਦਰ ਸਿੰਘ, ਗੁਰਪ੍ਰੀਤ ਸਿੰਘ, ਸੁਖਵਿੰਦਰ ਸਿੰਘ, ਬਲਵਿੰਦਰ ਸਿੰਘ, ਸਤਨਾਮ ਸਿੰਘ, ਹਰਮੀਤ ਕੌਰ, ਜਸਵੀਰ ਸਿੰਘ, ਨਿਰਮਲ ਸਿੰਘ, ਰਣਜੀਤ ਸਿੰਘ ਅਤੇ ਹੋਰ ਪਤਵੰਤੇ ਹਾਜ਼ਰ ਸਨ।
ਮੁਹਾਲੀ ਸ਼ਹਿਰ ਵਿੱਚ ਪਾਣੀ ਦੇ ਨਵੇਂ ਕੁਨੈਕਸ਼ਨ ਦੀ ਫੀਸ ਹੋਈ ਇਕਸਾਰ
ਐਸ ਏ ਐਸ ਨਗਰ, 21 ਜਨਵਰੀ
(ਪੈਗਾਮ-ਏ-ਜਗਤ)
ਮੁਹਾਲੀ ਸ਼ਹਿਰ ਵਿੱਚ ਪਾਣੀ ਦੇ ਨਵੇਂ ਕੁਨੈਕਸ਼ਨ ਵਾਸਤੇ ਇਕਸਾਰ ਫੀਸ ਲਾਗੂ ਹੋ ਗਈ ਹੈ। ਇਸ ਸੰਬੰਧੀ ਜਲ ਸਪਲਾਈ ਅਤੇ ਸੈਨੀਟੇਸ਼ਨ ਵਿਭਾਗ ਦੇ ਬੁਲਾਰੇ ਨੇ ਦੱਸਿਆ ਕਿ ਨਗਰ ਨਿਗਮ ਮੁਹਾਲੀ ਅਤੇ ਗਮਾਡਾ ਅਧੀਨ ਆਉਂਦੇ ਖੇਤਰਾਂ ਵਿੱਚ ਪਾਣੀ ਅਤੇ ਸੀਵਰੇਜ ਦੇ ਨਵੇਂ ਕੁਨੈਕਸ਼ਨ ਲਈ ਵੱਖ-ਵੱਖ ਫੀਸ ਲਈ ਜਾਂਦੀ ਸੀ। ਉਨ੍ਹਾਂ ਕਿਹਾ ਕਿ ਹੁਣ ਪੰਜਾਬ ਸਰਕਾਰ ਵੱਲੋਂ 28.11.2024 ਨੂੰ ਜਾਰੀ ਨੋਟੀਫਿਕੇਸ਼ਨ ਅਨੁਸਾਰ ਸਾਰੇ ਖੇਤਰਾਂ ਵਿੱਚ ਇਕਸਾਰ ਫੀਸ ਲਾਗੂ ਹੋਵੇਗੀ। ਇਸ ਨਾਲ ਫੇਜ਼ 1 ਤੋਂ 11, ਸੈਕਟਰ 70-71 ਅਤੇ ਹੋਰ ਖੇਤਰਾਂ ਦੇ ਵਸਨੀਕਾਂ ਨੂੰ ਲਾਭ ਹੋਵੇਗਾ।
